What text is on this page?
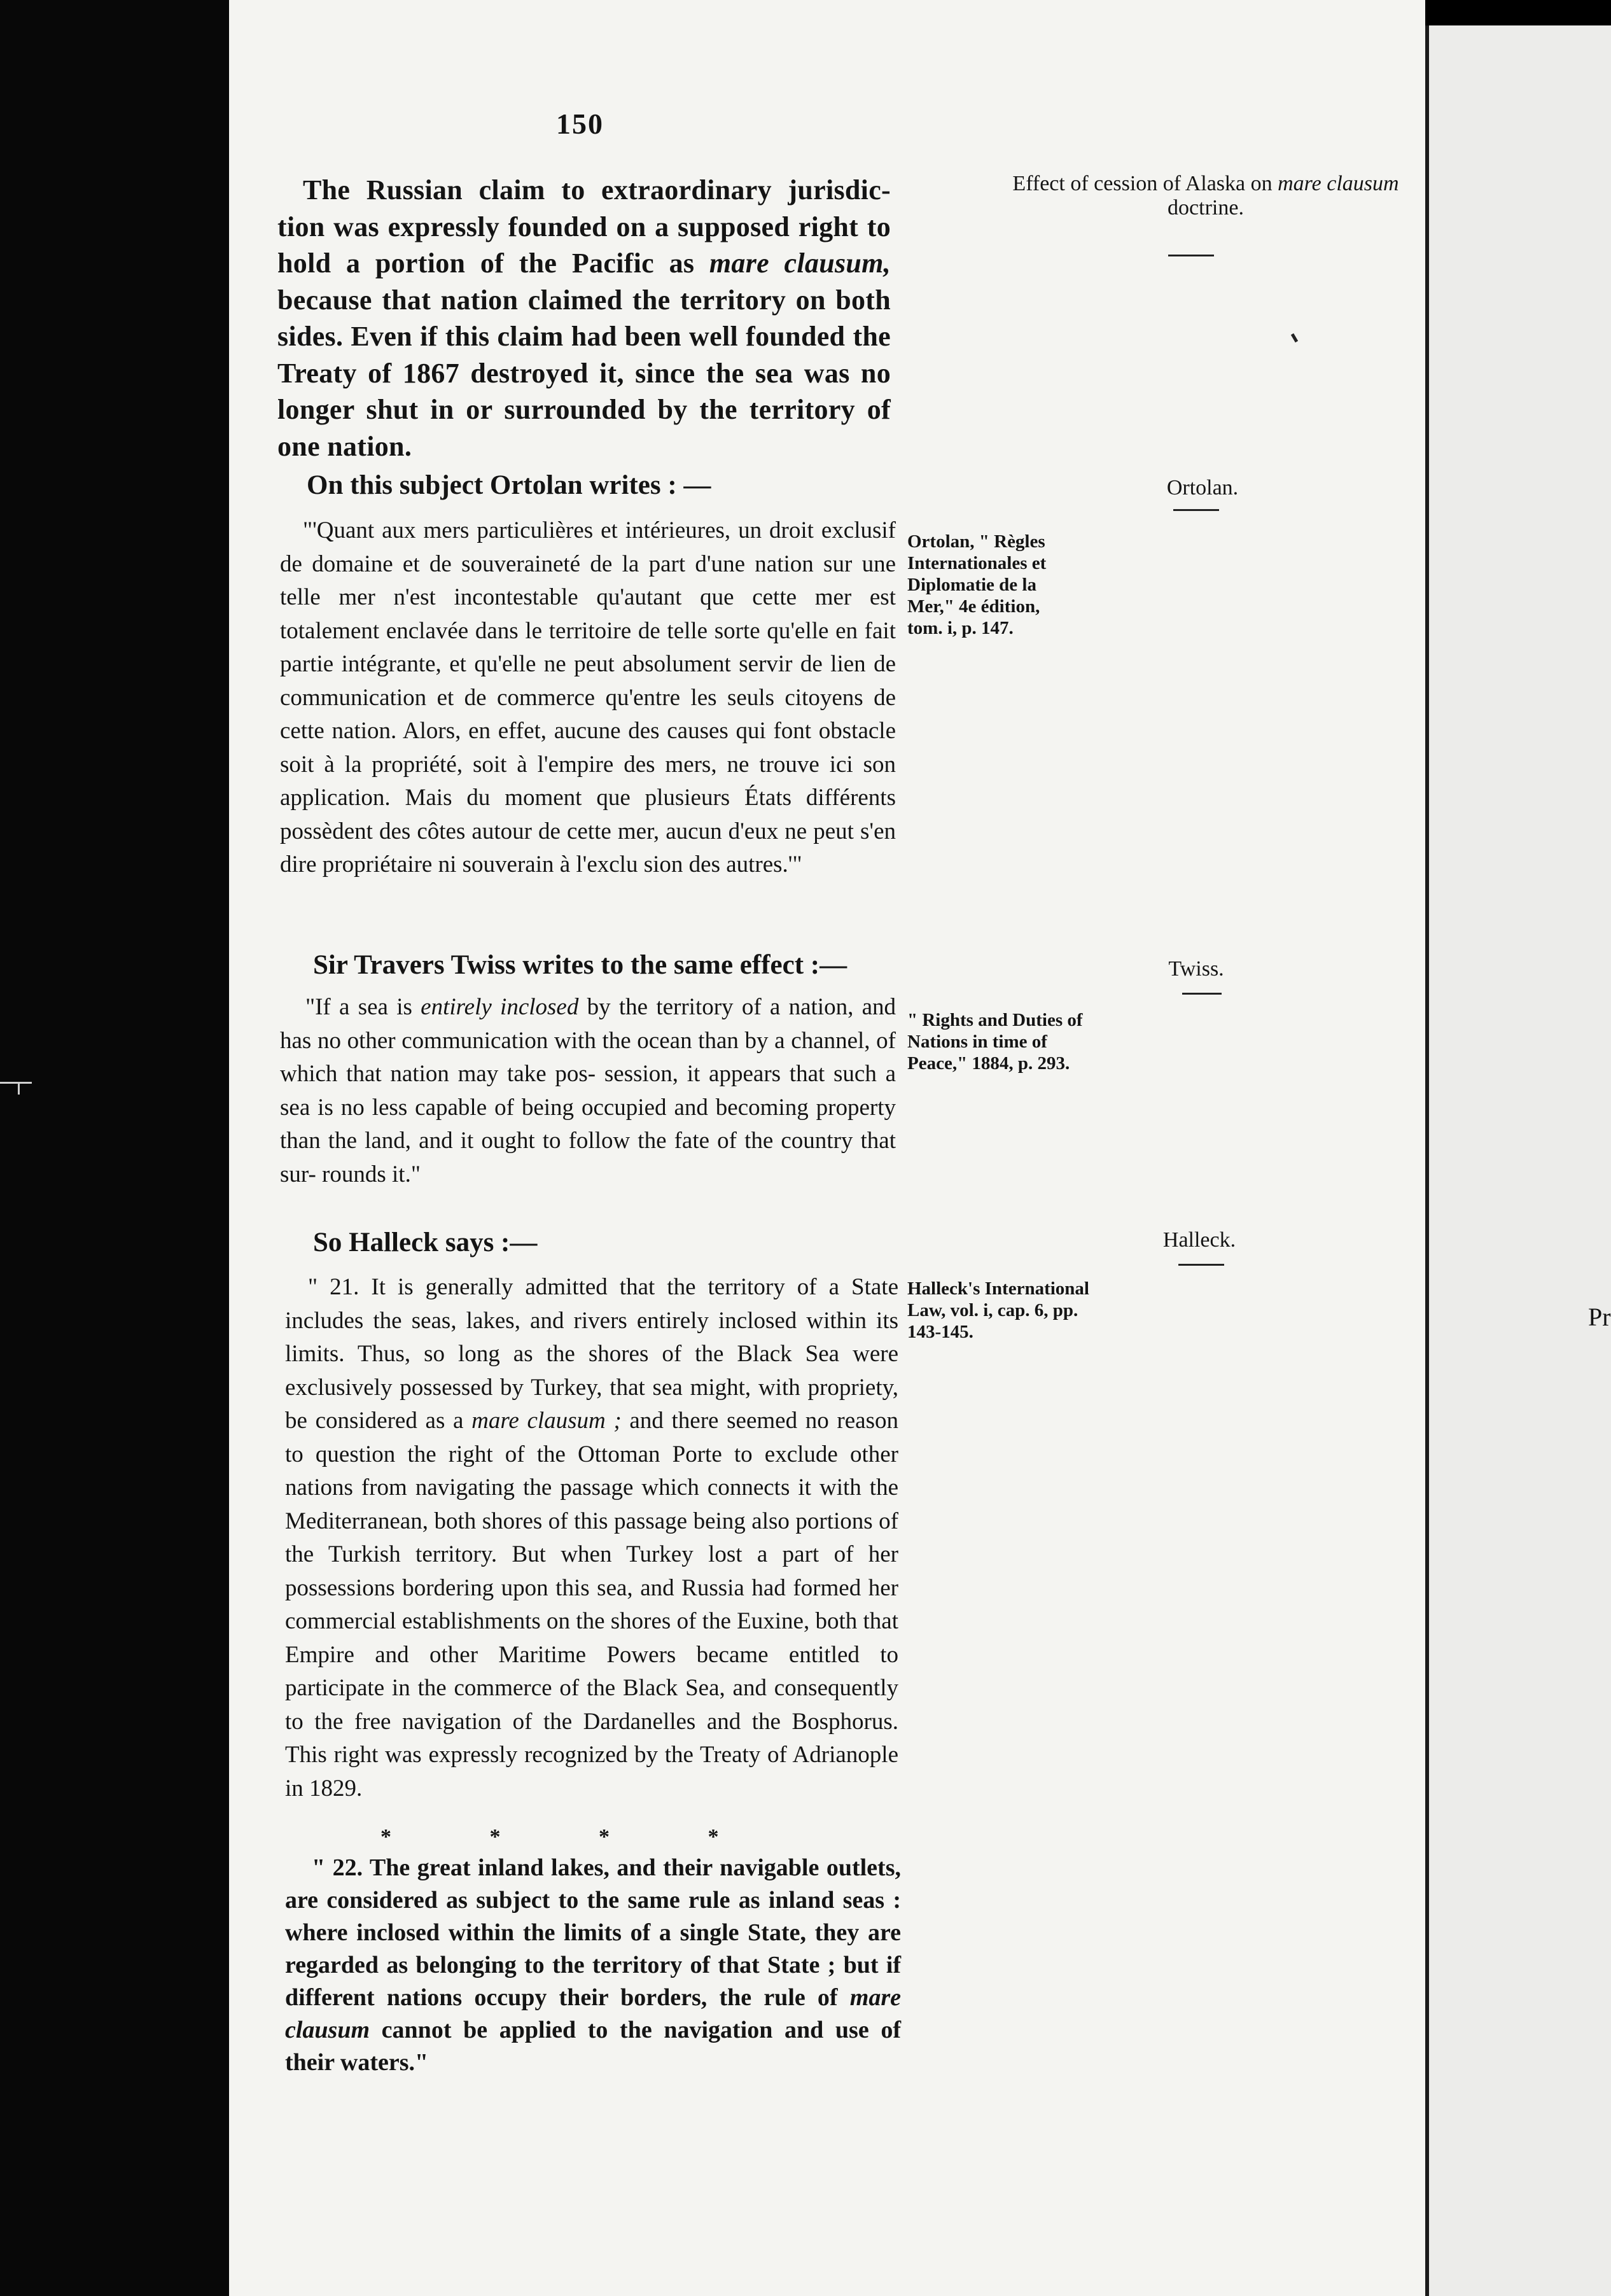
Pr
150

The Russian claim to extraordinary jurisdic- tion was expressly founded on a supposed right to hold a portion of the Pacific as mare clausum, because that nation claimed the territory on both sides. Even if this claim had been well founded the Treaty of 1867 destroyed it, since the sea was no longer shut in or surrounded by the territory of one nation.

On this subject Ortolan writes : —

"'Quant aux mers particulières et intérieures, un droit exclusif de domaine et de souveraineté de la part d'une nation sur une telle mer n'est incontestable qu'autant que cette mer est totalement enclavée dans le territoire de telle sorte qu'elle en fait partie intégrante, et qu'elle ne peut absolument servir de lien de communication et de commerce qu'entre les seuls citoyens de cette nation. Alors, en effet, aucune des causes qui font obstacle soit à la propriété, soit à l'empire des mers, ne trouve ici son application. Mais du moment que plusieurs États différents possèdent des côtes autour de cette mer, aucun d'eux ne peut s'en dire propriétaire ni souverain à l'exclu sion des autres.'"

Ortolan, " Règles Internationales et Diplomatie de la Mer," 4e édition, tom. i, p. 147.

Sir Travers Twiss writes to the same effect :—

"If a sea is entirely inclosed by the territory of a nation, and has no other communication with the ocean than by a channel, of which that nation may take pos- session, it appears that such a sea is no less capable of being occupied and becoming property than the land, and it ought to follow the fate of the country that sur- rounds it."

" Rights and Duties of Nations in time of Peace," 1884, p. 293.

So Halleck says :—

" 21. It is generally admitted that the territory of a State includes the seas, lakes, and rivers entirely inclosed within its limits. Thus, so long as the shores of the Black Sea were exclusively possessed by Turkey, that sea might, with propriety, be considered as a mare clausum ; and there seemed no reason to question the right of the Ottoman Porte to exclude other nations from navigating the passage which connects it with the Mediterranean, both shores of this passage being also portions of the Turkish territory. But when Turkey lost a part of her possessions bordering upon this sea, and Russia had formed her commercial establishments on the shores of the Euxine, both that Empire and other Maritime Powers became entitled to participate in the commerce of the Black Sea, and consequently to the free navigation of the Dardanelles and the Bosphorus. This right was expressly recognized by the Treaty of Adrianople in 1829.

* * * *

" 22. The great inland lakes, and their navigable outlets, are considered as subject to the same rule as inland seas : where inclosed within the limits of a single State, they are regarded as belonging to the territory of that State ; but if different nations occupy their borders, the rule of mare clausum cannot be applied to the navigation and use of their waters."

Halleck's International Law, vol. i, cap. 6, pp. 143-145.

Effect of cession of Alaska on mare clausum doctrine.

Ortolan.

Twiss.

Halleck.
